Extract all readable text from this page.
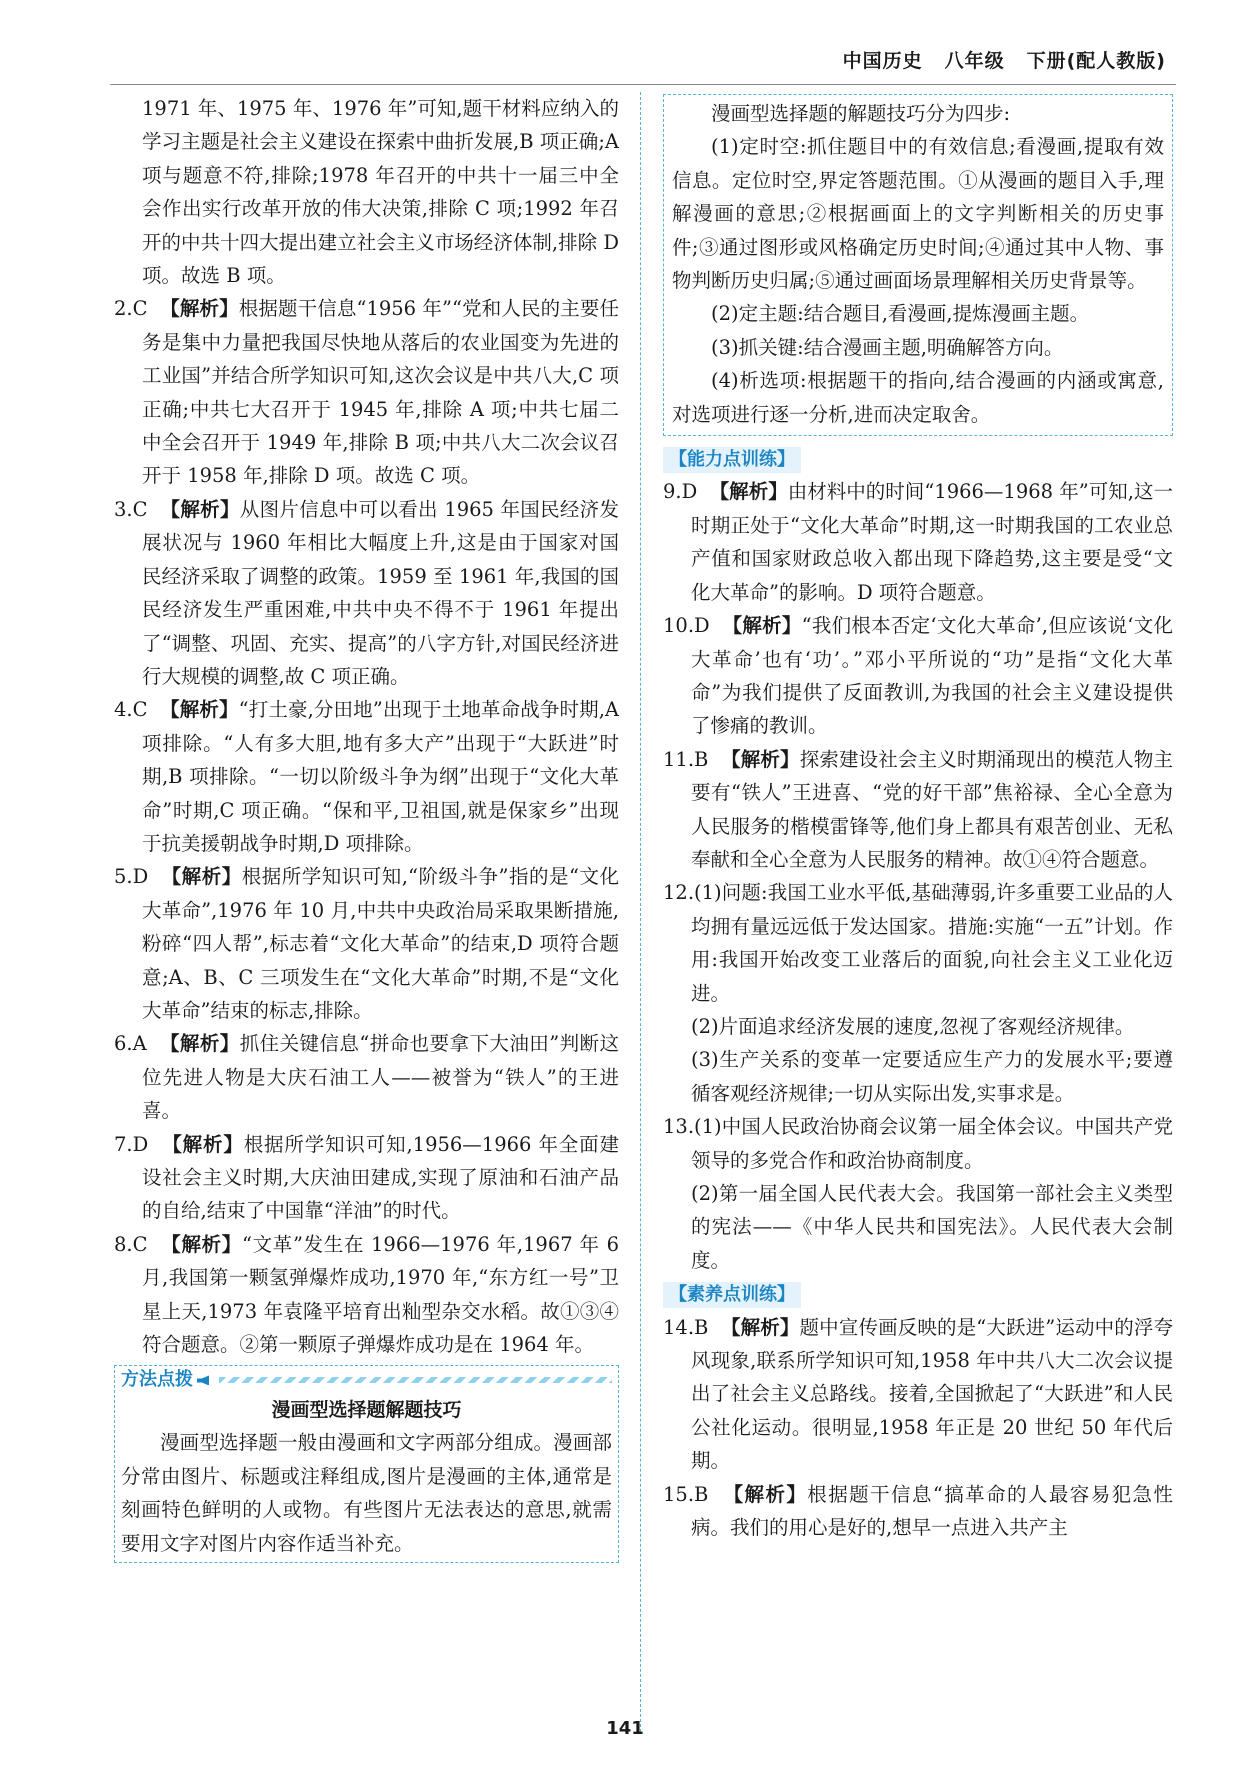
中国历史 八年级 下册(配人教版)

1971 年、1975 年、1976 年”可知,题干材料应纳入的学习主题是社会主义建设在探索中曲折发展,B 项正确;A 项与题意不符,排除;1978 年召开的中共十一届三中全会作出实行改革开放的伟大决策,排除 C 项;1992 年召开的中共十四大提出建立社会主义市场经济体制,排除 D 项。故选 B 项。

2.C 【解析】根据题干信息“1956 年”“党和人民的主要任务是集中力量把我国尽快地从落后的农业国变为先进的工业国”并结合所学知识可知,这次会议是中共八大,C 项正确;中共七大召开于 1945 年,排除 A 项;中共七届二中全会召开于 1949 年,排除 B 项;中共八大二次会议召开于 1958 年,排除 D 项。故选 C 项。

3.C 【解析】从图片信息中可以看出 1965 年国民经济发展状况与 1960 年相比大幅度上升,这是由于国家对国民经济采取了调整的政策。1959 至 1961 年,我国的国民经济发生严重困难,中共中央不得不于 1961 年提出了“调整、巩固、充实、提高”的八字方针,对国民经济进行大规模的调整,故 C 项正确。

4.C 【解析】“打土豪,分田地”出现于土地革命战争时期,A 项排除。“人有多大胆,地有多大产”出现于“大跃进”时期,B 项排除。“一切以阶级斗争为纲”出现于“文化大革命”时期,C 项正确。“保和平,卫祖国,就是保家乡”出现于抗美援朝战争时期,D 项排除。

5.D 【解析】根据所学知识可知,“阶级斗争”指的是“文化大革命”,1976 年 10 月,中共中央政治局采取果断措施,粉碎“四人帮”,标志着“文化大革命”的结束,D 项符合题意;A、B、C 三项发生在“文化大革命”时期,不是“文化大革命”结束的标志,排除。

6.A 【解析】抓住关键信息“拼命也要拿下大油田”判断这位先进人物是大庆石油工人——被誉为“铁人”的王进喜。

7.D 【解析】根据所学知识可知,1956—1966 年全面建设社会主义时期,大庆油田建成,实现了原油和石油产品的自给,结束了中国靠“洋油”的时代。

8.C 【解析】“文革”发生在 1966—1976 年,1967 年 6 月,我国第一颗氢弹爆炸成功,1970 年,“东方红一号”卫星上天,1973 年袁隆平培育出籼型杂交水稻。故①③④符合题意。②第一颗原子弹爆炸成功是在 1964 年。

方法点拨
漫画型选择题解题技巧

漫画型选择题一般由漫画和文字两部分组成。漫画部分常由图片、标题或注释组成,图片是漫画的主体,通常是刻画特色鲜明的人或物。有些图片无法表达的意思,就需要用文字对图片内容作适当补充。

漫画型选择题的解题技巧分为四步:

(1)定时空:抓住题目中的有效信息;看漫画,提取有效信息。定位时空,界定答题范围。①从漫画的题目入手,理解漫画的意思;②根据画面上的文字判断相关的历史事件;③通过图形或风格确定历史时间;④通过其中人物、事物判断历史归属;⑤通过画面场景理解相关历史背景等。

(2)定主题:结合题目,看漫画,提炼漫画主题。

(3)抓关键:结合漫画主题,明确解答方向。

(4)析选项:根据题干的指向,结合漫画的内涵或寓意,对选项进行逐一分析,进而决定取舍。

【能力点训练】

9.D 【解析】由材料中的时间“1966—1968 年”可知,这一时期正处于“文化大革命”时期,这一时期我国的工农业总产值和国家财政总收入都出现下降趋势,这主要是受“文化大革命”的影响。D 项符合题意。

10.D 【解析】“我们根本否定‘文化大革命’,但应该说‘文化大革命’也有‘功’。”邓小平所说的“功”是指“文化大革命”为我们提供了反面教训,为我国的社会主义建设提供了惨痛的教训。

11.B 【解析】探索建设社会主义时期涌现出的模范人物主要有“铁人”王进喜、“党的好干部”焦裕禄、全心全意为人民服务的楷模雷锋等,他们身上都具有艰苦创业、无私奉献和全心全意为人民服务的精神。故①④符合题意。

12.(1)问题:我国工业水平低,基础薄弱,许多重要工业品的人均拥有量远远低于发达国家。措施:实施“一五”计划。作用:我国开始改变工业落后的面貌,向社会主义工业化迈进。

(2)片面追求经济发展的速度,忽视了客观经济规律。

(3)生产关系的变革一定要适应生产力的发展水平;要遵循客观经济规律;一切从实际出发,实事求是。

13.(1)中国人民政治协商会议第一届全体会议。中国共产党领导的多党合作和政治协商制度。

(2)第一届全国人民代表大会。我国第一部社会主义类型的宪法——《中华人民共和国宪法》。人民代表大会制度。

【素养点训练】

14.B 【解析】题中宣传画反映的是“大跃进”运动中的浮夸风现象,联系所学知识可知,1958 年中共八大二次会议提出了社会主义总路线。接着,全国掀起了“大跃进”和人民公社化运动。很明显,1958 年正是 20 世纪 50 年代后期。

15.B 【解析】根据题干信息“搞革命的人最容易犯急性病。我们的用心是好的,想早一点进入共产主

141
